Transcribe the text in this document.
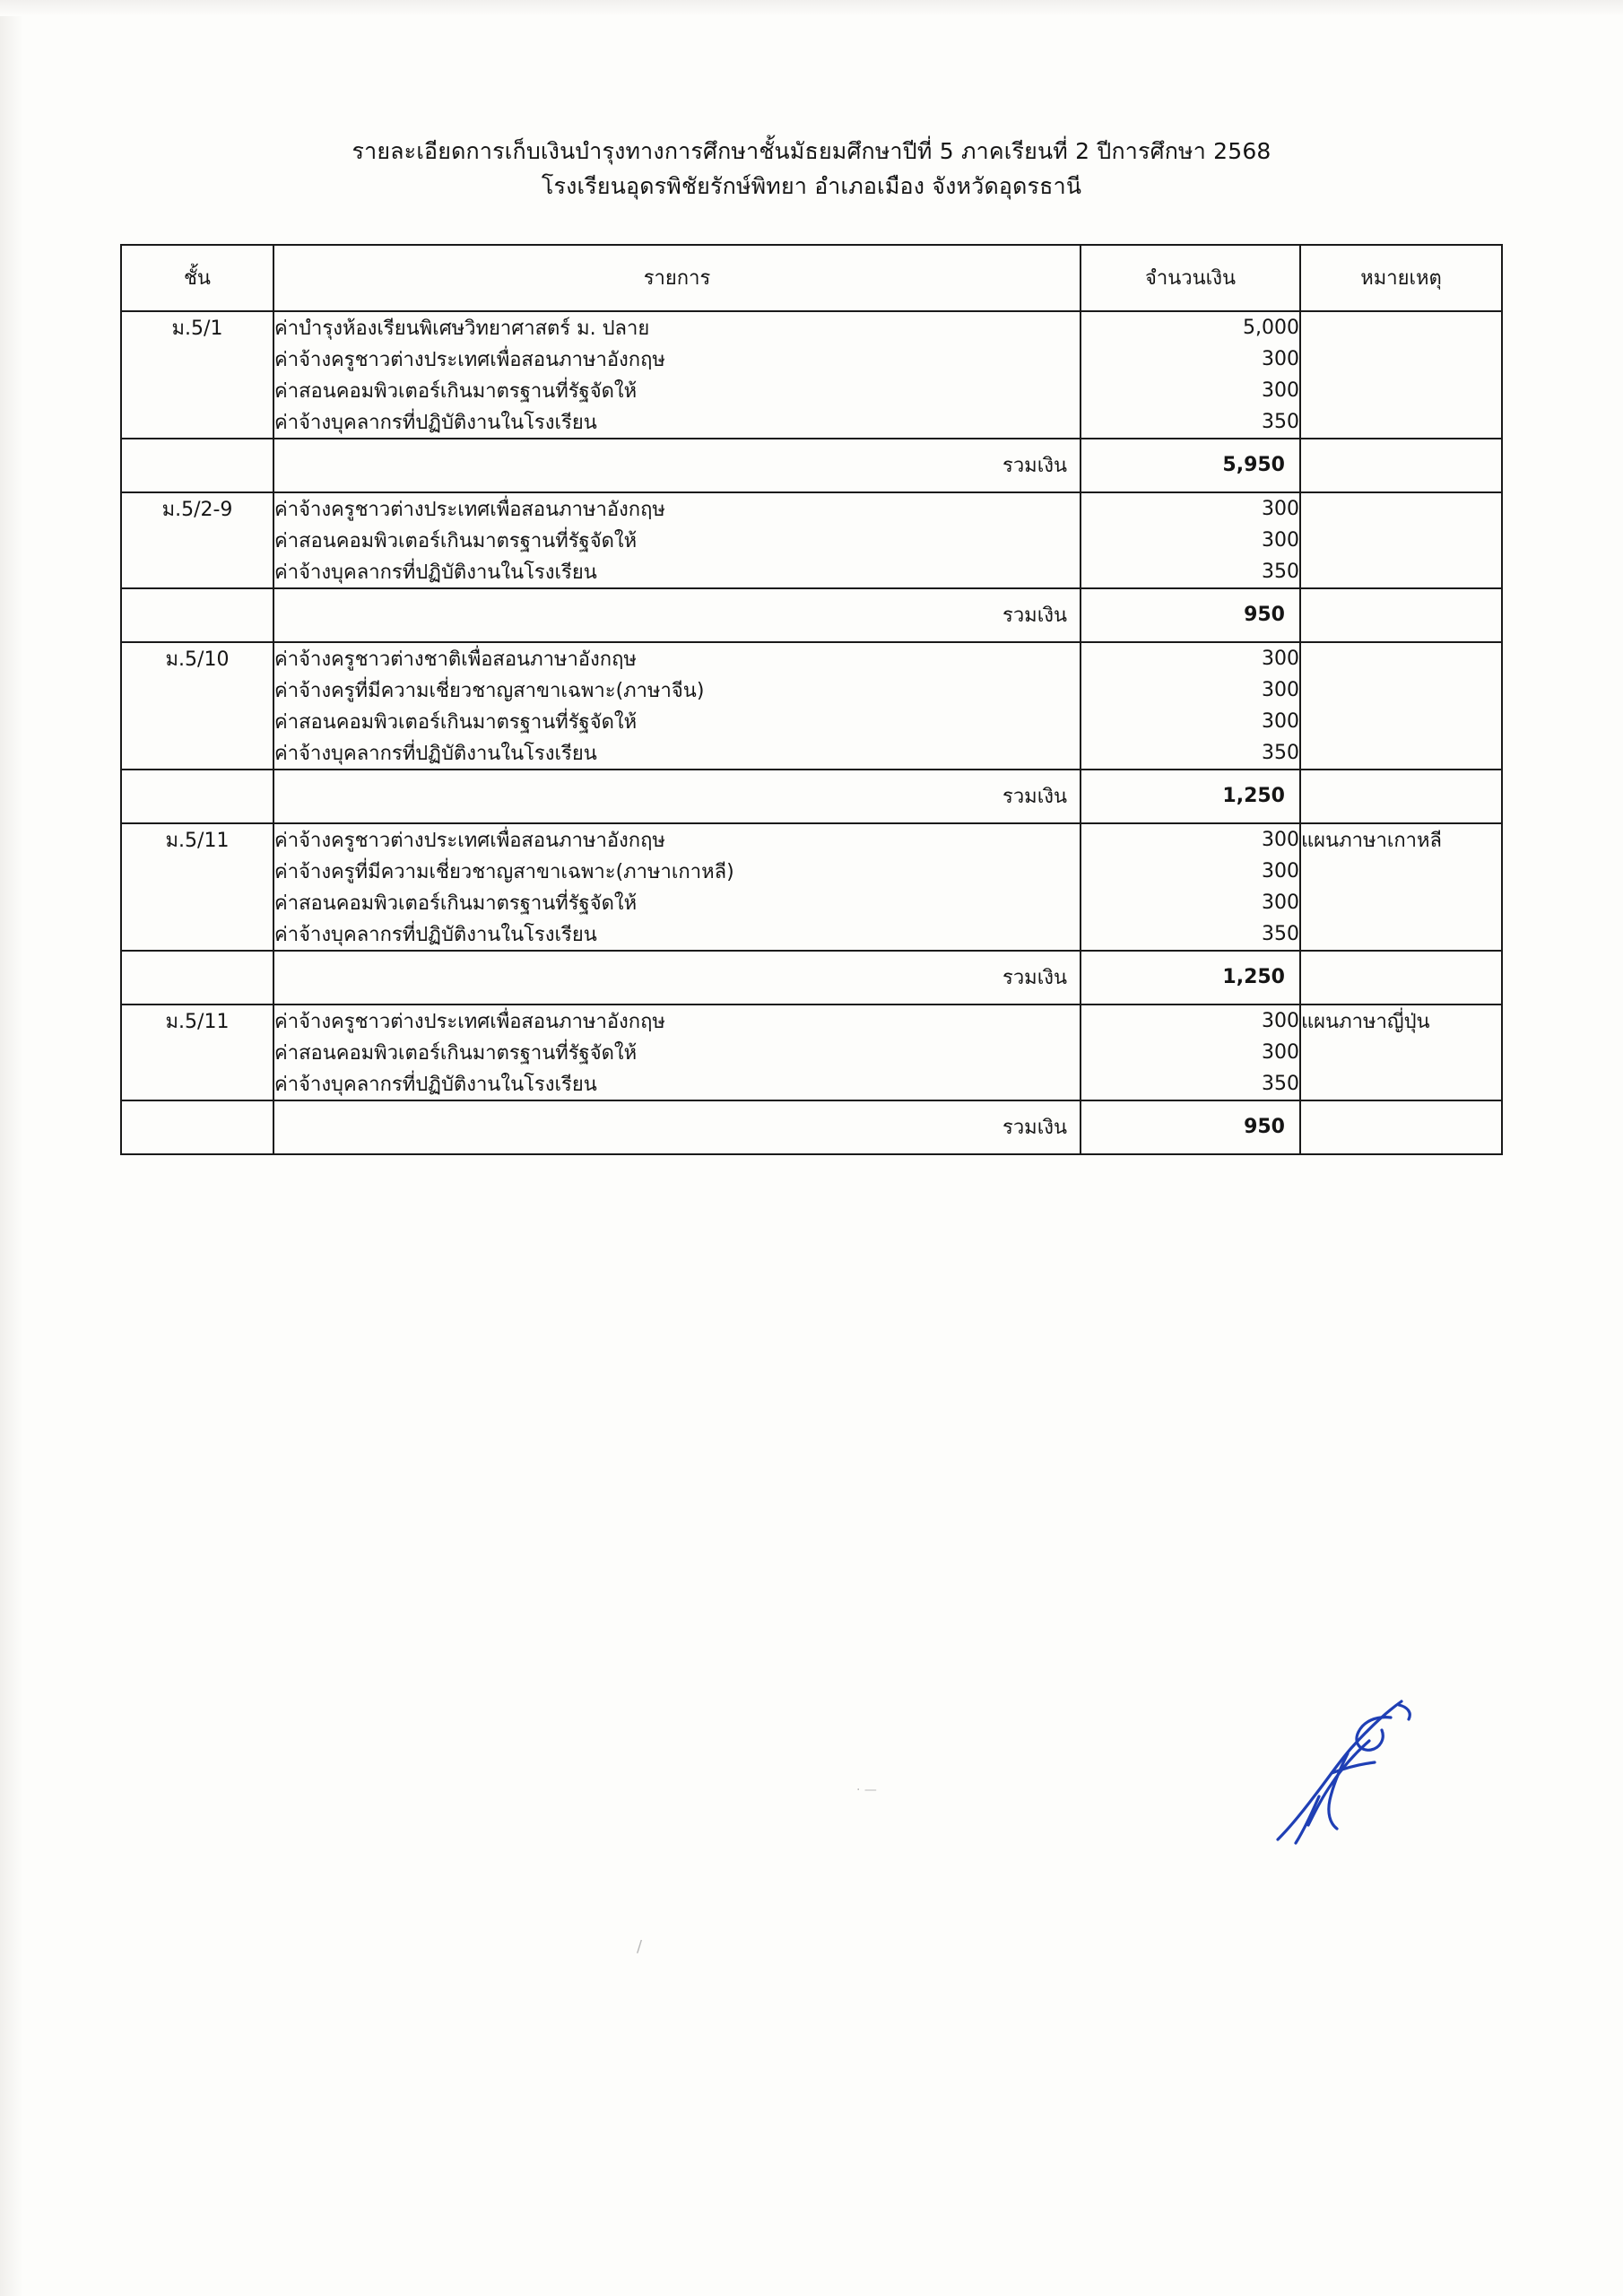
รายละเอียดการเก็บเงินบำรุงทางการศึกษาชั้นมัธยมศึกษาปีที่ 5 ภาคเรียนที่ 2 ปีการศึกษา 2568
โรงเรียนอุดรพิชัยรักษ์พิทยา อำเภอเมือง จังหวัดอุดรธานี
ชั้น	รายการ	จำนวนเงิน	หมายเหตุ
ม.5/1	ค่าบำรุงห้องเรียนพิเศษวิทยาศาสตร์ ม. ปลาย	5,000	
	ค่าจ้างครูชาวต่างประเทศเพื่อสอนภาษาอังกฤษ	300	
	ค่าสอนคอมพิวเตอร์เกินมาตรฐานที่รัฐจัดให้	300	
	ค่าจ้างบุคลากรที่ปฏิบัติงานในโรงเรียน	350	
	รวมเงิน	5,950	
ม.5/2-9	ค่าจ้างครูชาวต่างประเทศเพื่อสอนภาษาอังกฤษ	300	
	ค่าสอนคอมพิวเตอร์เกินมาตรฐานที่รัฐจัดให้	300	
	ค่าจ้างบุคลากรที่ปฏิบัติงานในโรงเรียน	350	
	รวมเงิน	950	
ม.5/10	ค่าจ้างครูชาวต่างชาติเพื่อสอนภาษาอังกฤษ	300	
	ค่าจ้างครูที่มีความเชี่ยวชาญสาขาเฉพาะ(ภาษาจีน)	300	
	ค่าสอนคอมพิวเตอร์เกินมาตรฐานที่รัฐจัดให้	300	
	ค่าจ้างบุคลากรที่ปฏิบัติงานในโรงเรียน	350	
	รวมเงิน	1,250	
ม.5/11	ค่าจ้างครูชาวต่างประเทศเพื่อสอนภาษาอังกฤษ	300	แผนภาษาเกาหลี
	ค่าจ้างครูที่มีความเชี่ยวชาญสาขาเฉพาะ(ภาษาเกาหลี)	300	
	ค่าสอนคอมพิวเตอร์เกินมาตรฐานที่รัฐจัดให้	300	
	ค่าจ้างบุคลากรที่ปฏิบัติงานในโรงเรียน	350	
	รวมเงิน	1,250	
ม.5/11	ค่าจ้างครูชาวต่างประเทศเพื่อสอนภาษาอังกฤษ	300	แผนภาษาญี่ปุ่น
	ค่าสอนคอมพิวเตอร์เกินมาตรฐานที่รัฐจัดให้	300	
	ค่าจ้างบุคลากรที่ปฏิบัติงานในโรงเรียน	350	
	รวมเงิน	950	
· —
/
